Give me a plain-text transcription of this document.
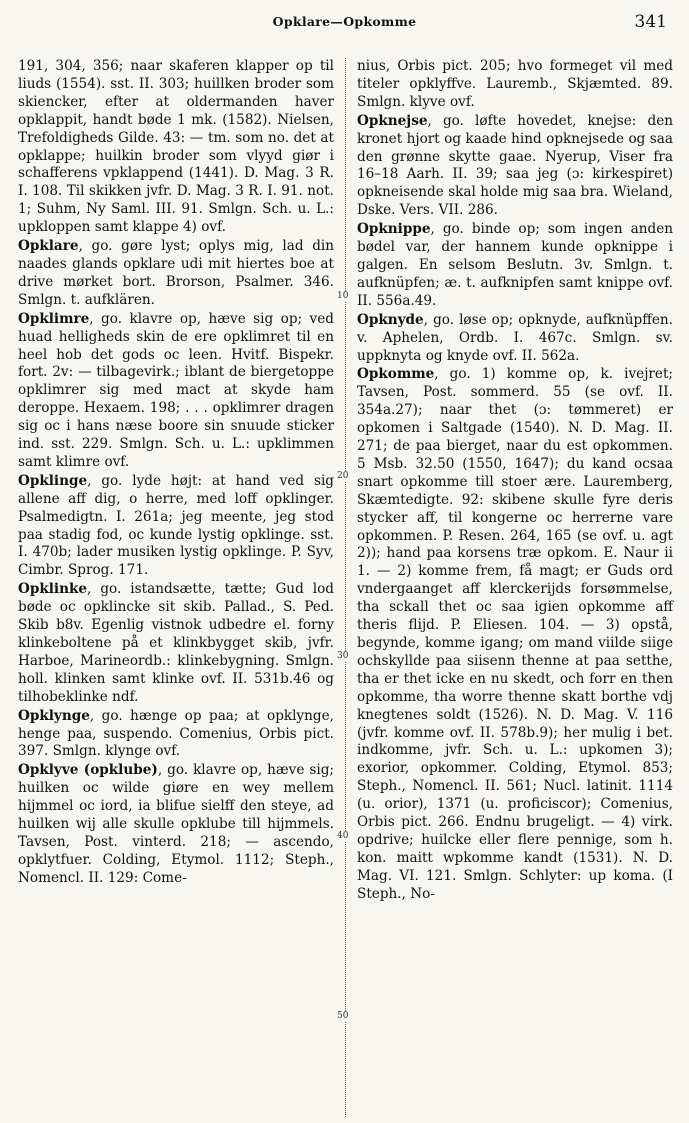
Opklare—Opkomme	341

191, 304, 356; naar skaferen klapper op til liuds (1554). sst. II. 303; huillken broder som skiencker, efter at oldermanden haver opklappit, handt bøde 1 mk. (1582). Nielsen, Trefoldigheds Gilde. 43: — tm. som no. det at opklappe; huilkin broder som vlyyd giør i schafferens vpklappend (1441). D. Mag. 3 R. I. 108. Til skikken jvfr. D. Mag. 3 R. I. 91. not. 1; Suhm, Ny Saml. III. 91. Smlgn. Sch. u. L.: upkloppen samt klappe 4) ovf.

Opklare, go. gøre lyst; oplys mig, lad din naades glands opklare udi mit hiertes boe at drive mørket bort. Brorson, Psalmer. 346. Smlgn. t. aufklären.

Opklimre, go. klavre op, hæve sig op; ved huad helligheds skin de ere opklimret til en heel hob det gods oc leen. Hvitf. Bispekr. fort. 2v: — tilbagevirk.; iblant de biergetoppe opklimrer sig med mact at skyde ham deroppe. Hexaem. 198; . . . opklimrer dragen sig oc i hans næse boore sin snuude sticker ind. sst. 229. Smlgn. Sch. u. L.: upklimmen samt klimre ovf.

Opklinge, go. lyde højt: at hand ved sig allene aff dig, o herre, med loff opklinger. Psalmedigtn. I. 261a; jeg meente, jeg stod paa stadig fod, oc kunde lystig opklinge. sst. I. 470b; lader musiken lystig opklinge. P. Syv, Cimbr. Sprog. 171.

Opklinke, go. istandsætte, tætte; Gud lod bøde oc opklincke sit skib. Pallad., S. Ped. Skib b8v. Egenlig vistnok udbedre el. forny klinkeboltene på et klinkbygget skib, jvfr. Harboe, Marineordb.: klinkebygning. Smlgn. holl. klinken samt klinke ovf. II. 531b.46 og tilhobeklinke ndf.

Opklynge, go. hænge op paa; at opklynge, henge paa, suspendo. Comenius, Orbis pict. 397. Smlgn. klynge ovf.

Opklyve (opklube), go. klavre op, hæve sig; huilken oc wilde giøre en wey mellem hijmmel oc iord, ia blifue sielff den steye, ad huilken wij alle skulle opklube till hijmmels. Tavsen, Post. vinterd. 218; — ascendo, opklytfuer. Colding, Etymol. 1112; Steph., Nomencl. II. 129: Come-

10
20
30
40
50

nius, Orbis pict. 205; hvo formeget vil med titeler opklyffve. Lauremb., Skjæmted. 89. Smlgn. klyve ovf.

Opknejse, go. løfte hovedet, knejse: den kronet hjort og kaade hind opknejsede og saa den grønne skytte gaae. Nyerup, Viser fra 16–18 Aarh. II. 39; saa jeg (ɔ: kirkespiret) opkneisende skal holde mig saa bra. Wieland, Dske. Vers. VII. 286.

Opknippe, go. binde op; som ingen anden bødel var, der hannem kunde opknippe i galgen. En selsom Beslutn. 3v. Smlgn. t. aufknüpfen; æ. t. aufknipfen samt knippe ovf. II. 556a.49.

Opknyde, go. løse op; opknyde, aufknüpffen. v. Aphelen, Ordb. I. 467c. Smlgn. sv. uppknyta og knyde ovf. II. 562a.

Opkomme, go. 1) komme op, k. ivejret; Tavsen, Post. sommerd. 55 (se ovf. II. 354a.27); naar thet (ɔ: tømmeret) er opkomen i Saltgade (1540). N. D. Mag. II. 271; de paa bierget, naar du est opkommen. 5 Msb. 32.50 (1550, 1647); du kand ocsaa snart opkomme till stoer ære. Lauremberg, Skæmtedigte. 92: skibene skulle fyre deris stycker aff, til kongerne oc herrerne vare opkommen. P. Resen. 264, 165 (se ovf. u. agt 2)); hand paa korsens træ opkom. E. Naur ii 1. — 2) komme frem, få magt; er Guds ord vndergaanget aff klerckerijds forsømmelse, tha sckall thet oc saa igien opkomme aff theris flijd. P. Eliesen. 104. — 3) opstå, begynde, komme igang; om mand viilde siige ochskyllde paa siisenn thenne at paa setthe, tha er thet icke en nu skedt, och forr en then opkomme, tha worre thenne skatt borthe vdj knegtenes soldt (1526). N. D. Mag. V. 116 (jvfr. komme ovf. II. 578b.9); her mulig i bet. indkomme, jvfr. Sch. u. L.: upkomen 3); exorior, opkommer. Colding, Etymol. 853; Steph., Nomencl. II. 561; Nucl. latinit. 1114 (u. orior), 1371 (u. proficiscor); Comenius, Orbis pict. 266. Endnu brugeligt. — 4) virk. opdrive; huilcke eller flere pennige, som h. kon. maitt wpkomme kandt (1531). N. D. Mag. VI. 121. Smlgn. Schlyter: up koma. (I Steph., No-
